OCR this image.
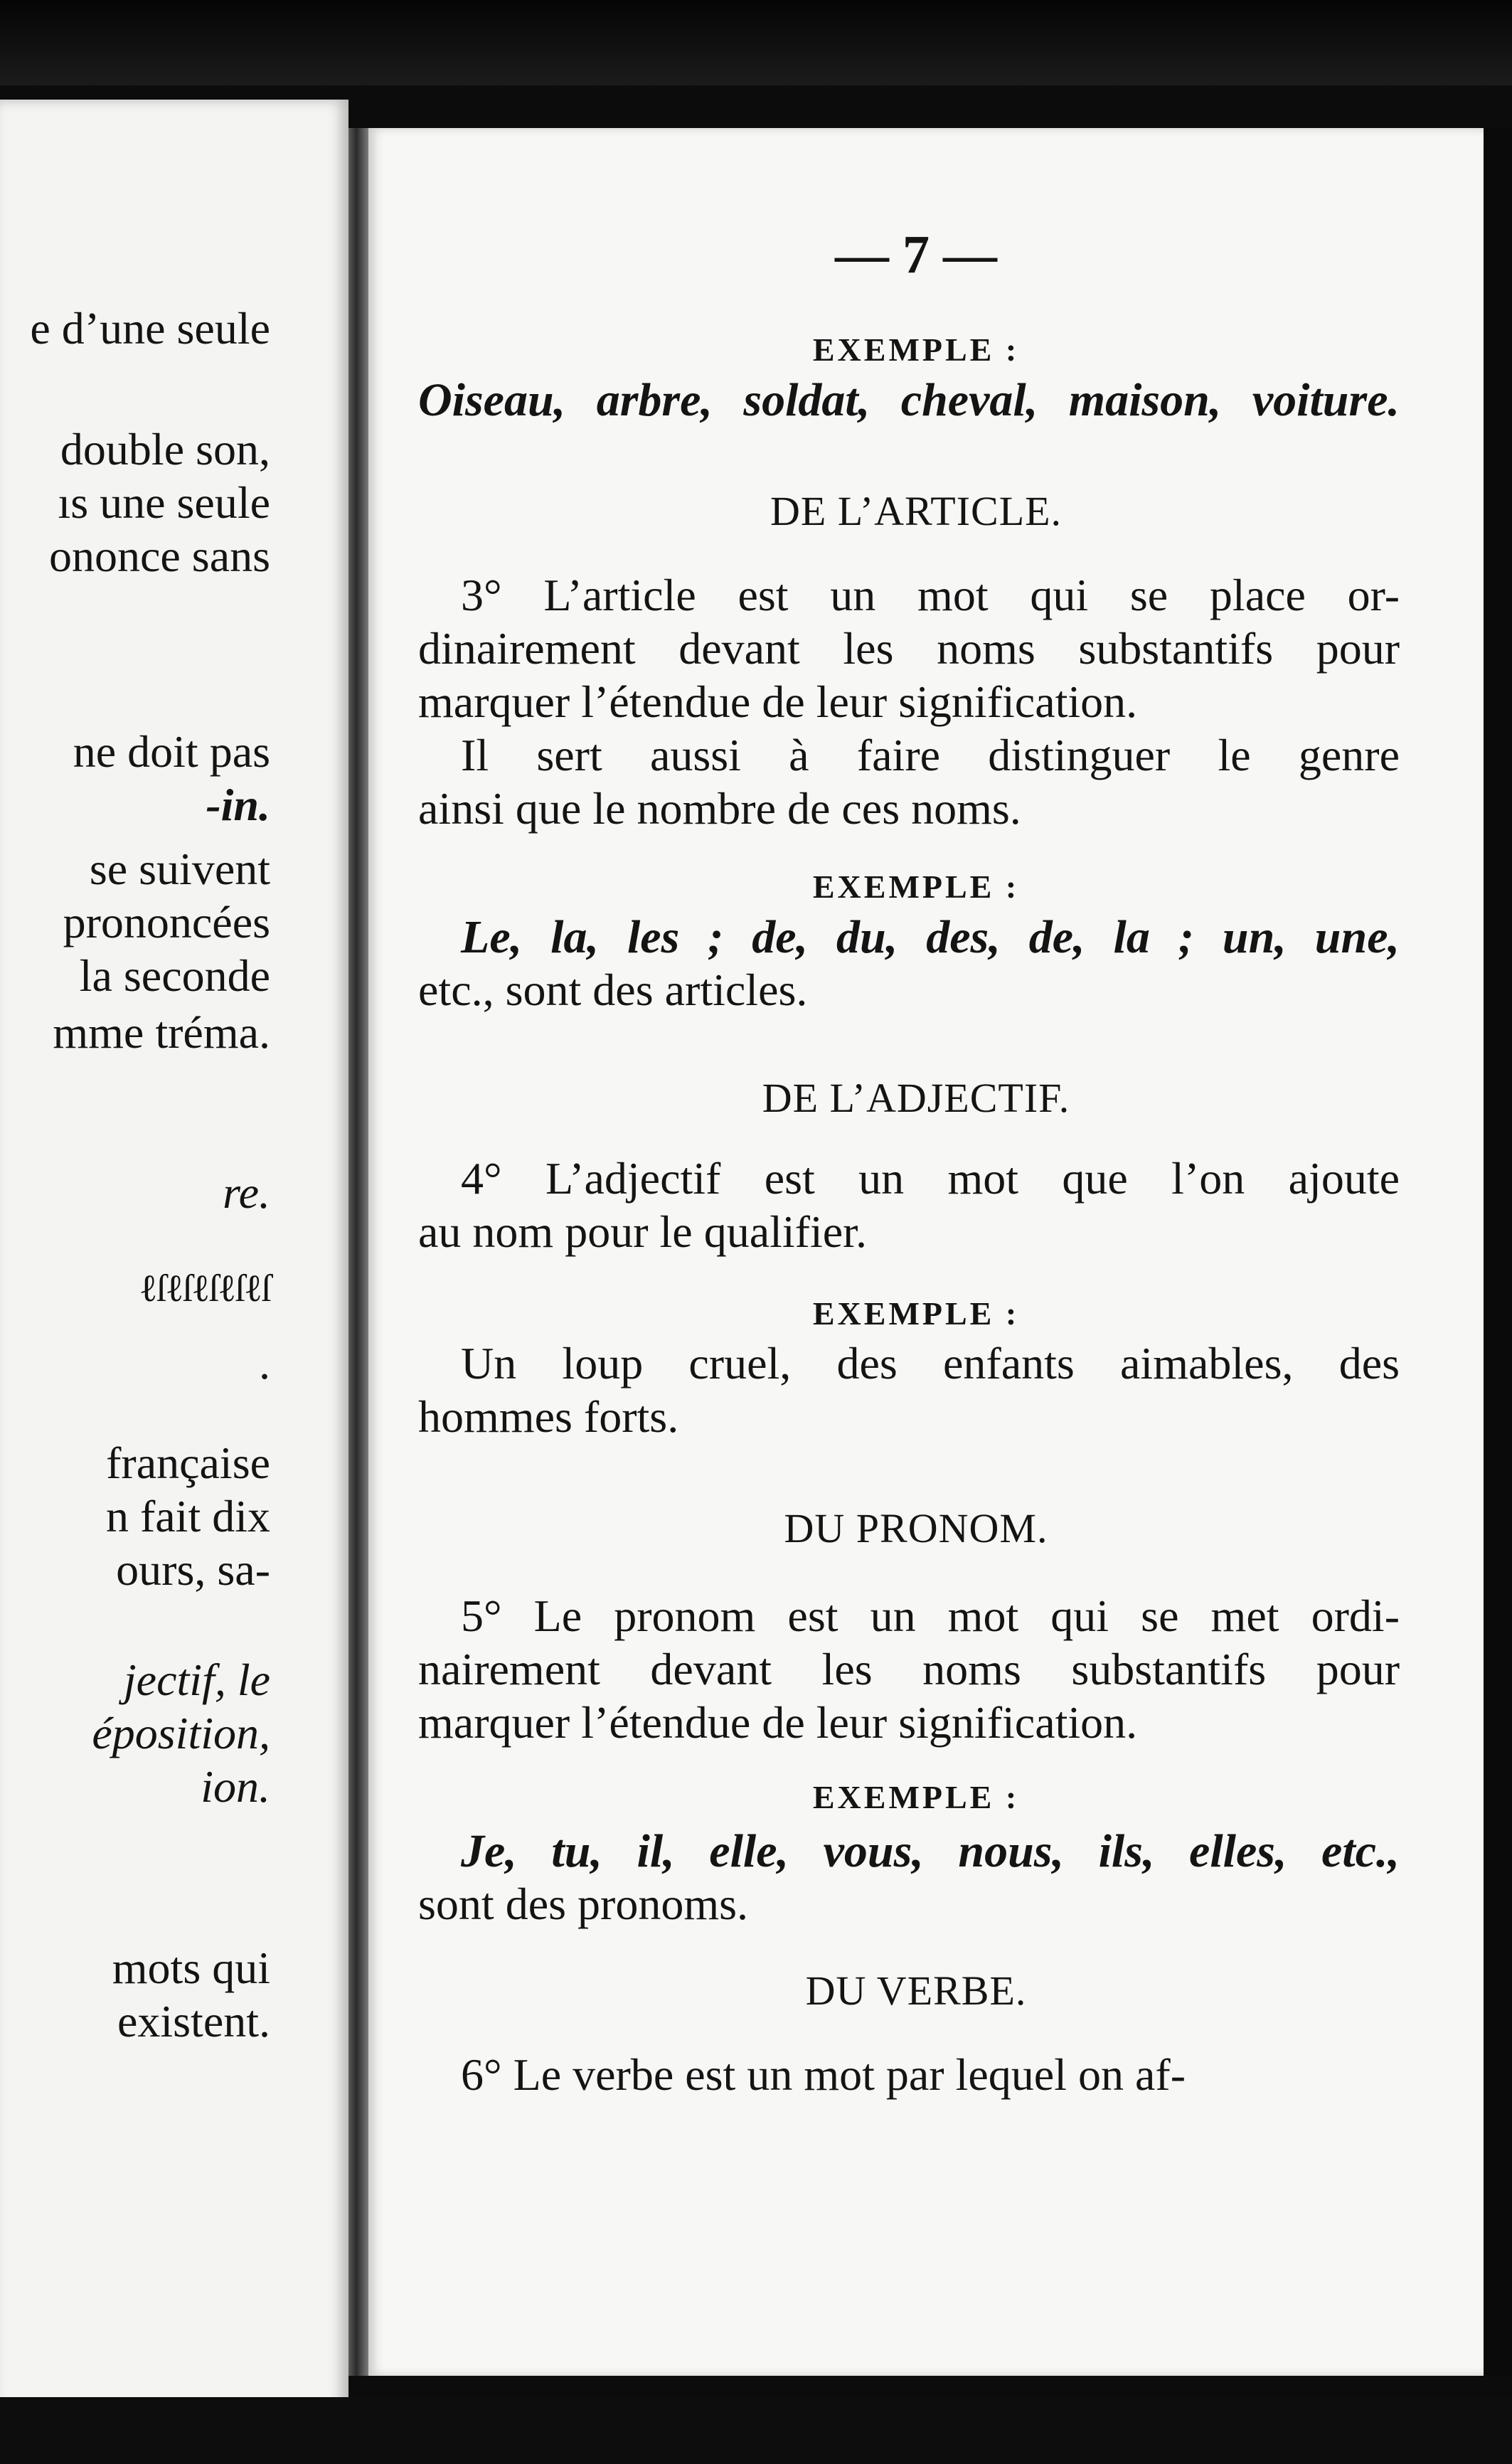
e d’une seule
double son,
ıs une seule
ononce sans
ne doit pas
-in.
se suivent
prononcées
la seconde
mme tréma.
re.
ℓſℓſℓſℓſℓſ
.
française
n fait dix
ours, sa-
jectif, le
éposition,
ion.
mots qui
existent.
— 7 —
EXEMPLE :
Oiseau, arbre, soldat, cheval, maison, voiture.
DE L’ARTICLE.
3° L’article est un mot qui se place or-
dinairement devant les noms substantifs pour
marquer l’étendue de leur signification.
Il sert aussi à faire distinguer le genre
ainsi que le nombre de ces noms.
EXEMPLE :
Le, la, les ; de, du, des, de, la ; un, une,
etc., sont des articles.
DE L’ADJECTIF.
4° L’adjectif est un mot que l’on ajoute
au nom pour le qualifier.
EXEMPLE :
Un loup cruel, des enfants aimables, des
hommes forts.
DU PRONOM.
5° Le pronom est un mot qui se met ordi-
nairement devant les noms substantifs pour
marquer l’étendue de leur signification.
EXEMPLE :
Je, tu, il, elle, vous, nous, ils, elles, etc.,
sont des pronoms.
DU VERBE.
6° Le verbe est un mot par lequel on af-
